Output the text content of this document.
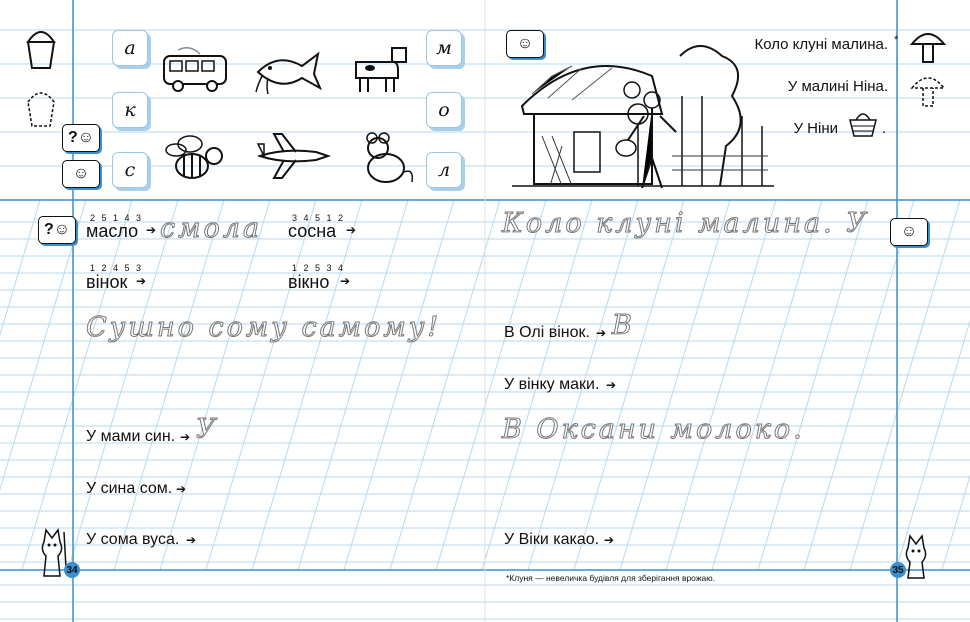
? ☺
☺
? ☺	☺
☺
а
к
с
м
о
л
Коло клуні малина. *
У малині Ніна.
У Ніни	.
2 5 1 4 3
масло ➔ смола	3 4 5 1 2
сосна ➔
1 2 4 5 3
вінок ➔
1 2 5 3 4
вікно ➔
Сушно сому самому!
У мами син. ➔ У
У сина сом. ➔
У сома вуса. ➔
Коло клуні малина. У
В Олі вінок. ➔ В
У вінку маки. ➔
В Оксани молоко.
У Віки какао. ➔
34	35
*Клуня — невеличка будівля для зберігання врожаю.
